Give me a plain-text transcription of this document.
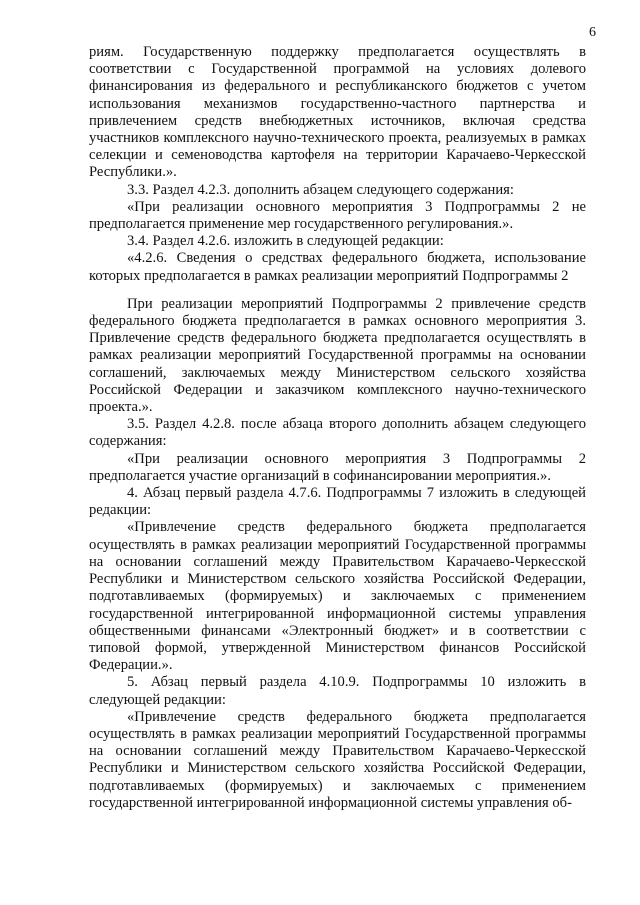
6

риям. Государственную поддержку предполагается осуществлять в соответствии с Государственной программой на условиях долевого финансирования из федерального и республиканского бюджетов с учетом использования механизмов государственно-частного партнерства и привлечением средств внебюджетных источников, включая средства участников комплексного научно-технического проекта, реализуемых в рамках селекции и семеноводства картофеля на территории Карачаево-Черкесской Республики.».

3.3. Раздел 4.2.3. дополнить абзацем следующего содержания:

«При реализации основного мероприятия 3 Подпрограммы 2 не предполагается применение мер государственного регулирования.».

3.4. Раздел 4.2.6. изложить в следующей редакции:

«4.2.6. Сведения о средствах федерального бюджета, использование которых предполагается в рамках реализации мероприятий Подпрограммы 2

При реализации мероприятий Подпрограммы 2 привлечение средств федерального бюджета предполагается в рамках основного мероприятия 3. Привлечение средств федерального бюджета предполагается осуществлять в рамках реализации мероприятий Государственной программы на основании соглашений, заключаемых между Министерством сельского хозяйства Российской Федерации и заказчиком комплексного научно-технического проекта.».

3.5. Раздел 4.2.8. после абзаца второго дополнить абзацем следующего содержания:

«При реализации основного мероприятия 3 Подпрограммы 2 предполагается участие организаций в софинансировании мероприятия.».

4. Абзац первый раздела 4.7.6. Подпрограммы 7 изложить в следующей редакции:

«Привлечение средств федерального бюджета предполагается осуществлять в рамках реализации мероприятий Государственной программы на основании соглашений между Правительством Карачаево-Черкесской Республики и Министерством сельского хозяйства Российской Федерации, подготавливаемых (формируемых) и заключаемых с применением государственной интегрированной информационной системы управления общественными финансами «Электронный бюджет» и в соответствии с типовой формой, утвержденной Министерством финансов Российской Федерации.».

5. Абзац первый раздела 4.10.9. Подпрограммы 10 изложить в следующей редакции:

«Привлечение средств федерального бюджета предполагается осуществлять в рамках реализации мероприятий Государственной программы на основании соглашений между Правительством Карачаево-Черкесской Республики и Министерством сельского хозяйства Российской Федерации, подготавливаемых (формируемых) и заключаемых с применением государственной интегрированной информационной системы управления об-
